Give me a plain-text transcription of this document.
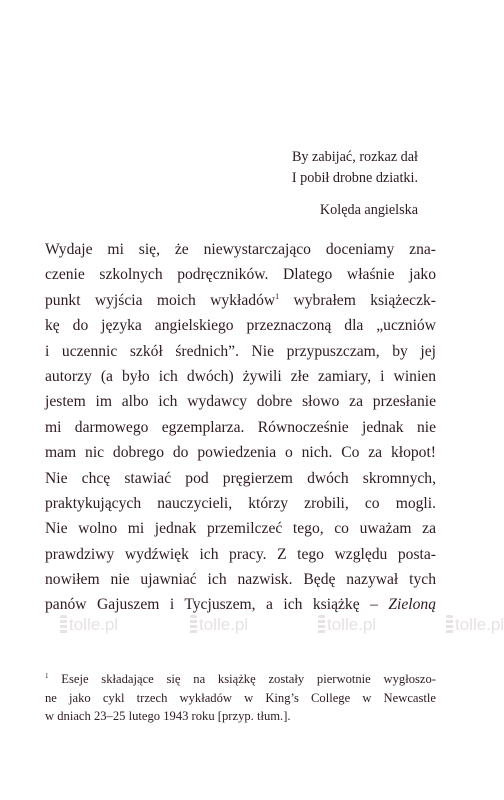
By zabijać, rozkaz dał
I pobił drobne dziatki.
Kolęda angielska
Wydaje mi się, że niewystarczająco doceniamy zna-
czenie szkolnych podręczników. Dlatego właśnie jako
punkt wyjścia moich wykładów$^1$ wybrałem książeczk-
kę do języka angielskiego przeznaczoną dla „uczniów
i uczennic szkół średnich”. Nie przypuszczam, by jej
autorzy (a było ich dwóch) żywili złe zamiary, i winien
jestem im albo ich wydawcy dobre słowo za przesłanie
mi darmowego egzemplarza. Równocześnie jednak nie
mam nic dobrego do powiedzenia o nich. Co za kłopot!
Nie chcę stawiać pod pręgierzem dwóch skromnych,
praktykujących nauczycieli, którzy zrobili, co mogli.
Nie wolno mi jednak przemilczeć tego, co uważam za
prawdziwy wydźwięk ich pracy. Z tego względu posta-
nowiłem nie ujawniać ich nazwisk. Będę nazywał tych
panów Gajuszem i Tycjuszem, a ich książkę – Zieloną
tolle.pl	tolle.pl	tolle.pl	tolle.pl
$^1$ Eseje składające się na książkę zostały pierwotnie wygłoszo-
ne jako cykl trzech wykładów w King’s College w Newcastle
w dniach 23–25 lutego 1943 roku [przyp. tłum.].
